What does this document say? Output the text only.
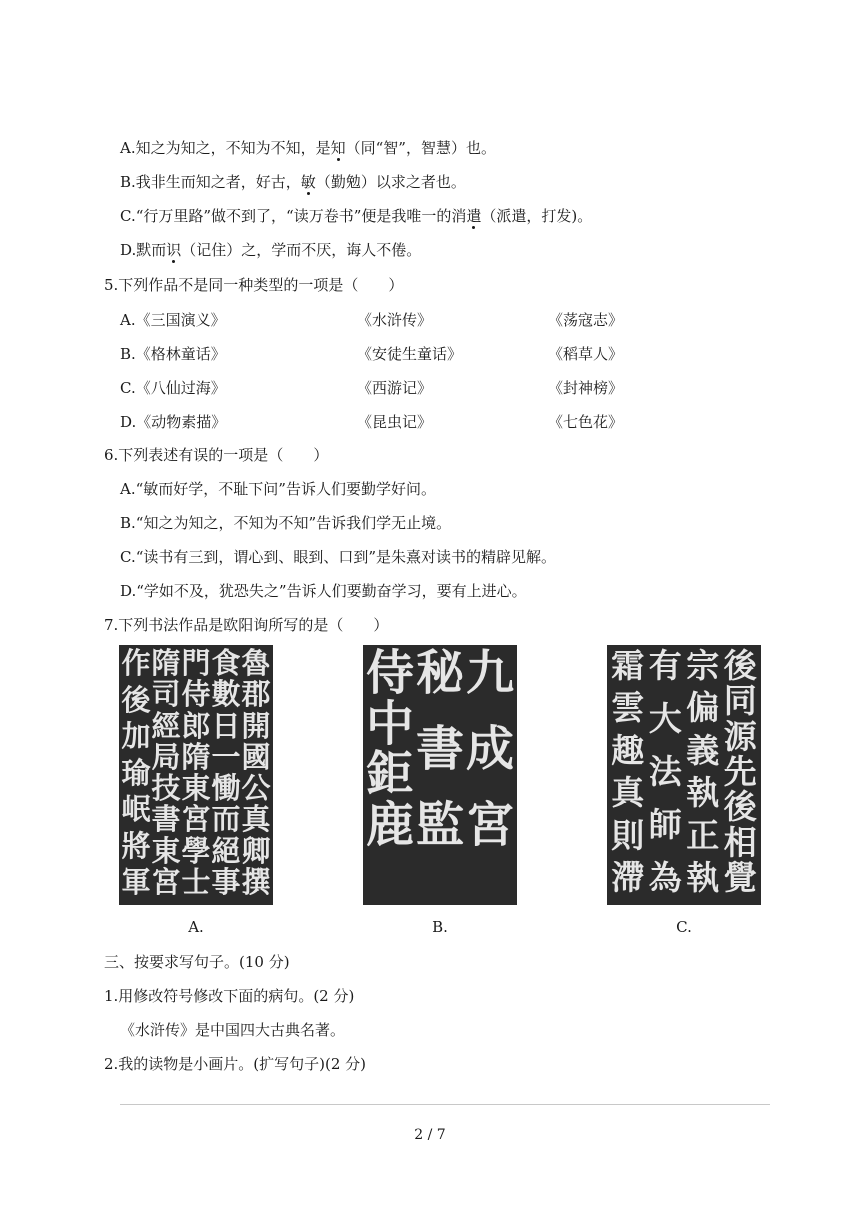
A.知之为知之，不知为不知，是知（同“智”，智慧）也。
B.我非生而知之者，好古，敏（勤勉）以求之者也。
C.“行万里路”做不到了，“读万卷书”便是我唯一的消遣（派遣，打发)。
D.默而识（记住）之，学而不厌，诲人不倦。
5.下列作品不是同一种类型的一项是（　　）
A.《三国演义》	《水浒传》	《荡寇志》
B.《格林童话》	《安徒生童话》	《稻草人》
C.《八仙过海》	《西游记》	《封神榜》
D.《动物素描》	《昆虫记》	《七色花》
6.下列表述有误的一项是（　　）
A.“敏而好学，不耻下问”告诉人们要勤学好问。
B.“知之为知之，不知为不知”告诉我们学无止境。
C.“读书有三到，谓心到、眼到、口到”是朱熹对读书的精辟见解。
D.“学如不及，犹恐失之”告诉人们要勤奋学习，要有上进心。
7.下列书法作品是欧阳询所写的是（　　）
魯
郡
開
國
公
真
卿
撰
食
數
日
一
慟
而
絕
事
門
侍
郎
隋
東
宮
學
士
隋
司
經
局
技
書
東
宮
作
後
加
瑜
岷
將
軍
九
成
宮
秘
書
監
侍
中
鉅
鹿
後
同
源
先
後
相
覺
宗
偏
義
執
正
執
有
大
法
師
為
霜
雲
趣
真
則
滯
A.	B.	C.
三、按要求写句子。(10 分)
1.用修改符号修改下面的病句。(2 分)
《水浒传》是中国四大古典名著。
2.我的读物是小画片。(扩写句子)(2 分)
2 / 7
